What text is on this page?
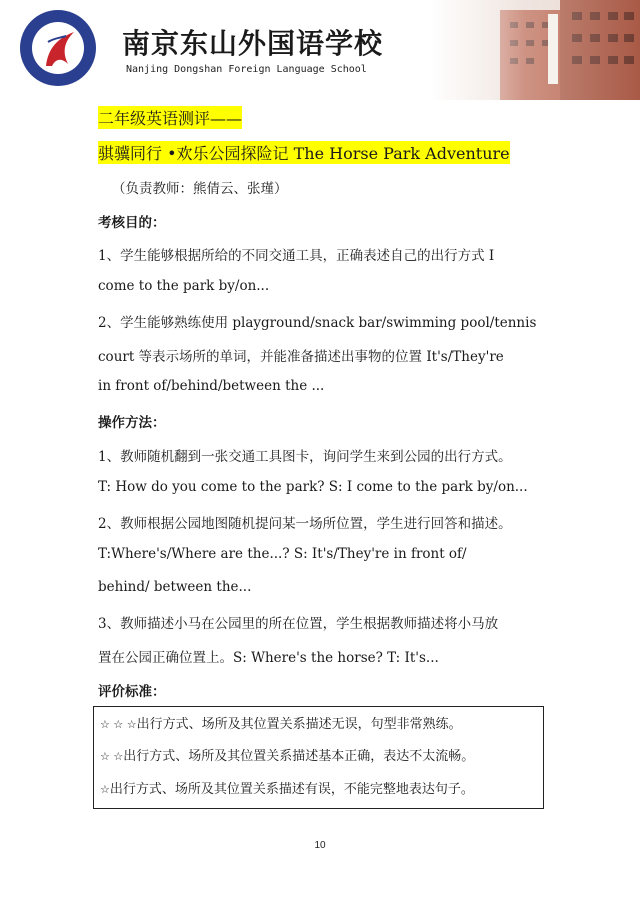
南京东山外国语学校
Nanjing Dongshan Foreign Language School
二年级英语测评——
骐骥同行 •欢乐公园探险记 The Horse Park Adventure
（负责教师：熊倩云、张瑾）
考核目的：
1、学生能够根据所给的不同交通工具，正确表述自己的出行方式 I
come to the park by/on...
2、学生能够熟练使用 playground/snack bar/swimming pool/tennis
court 等表示场所的单词，并能准备描述出事物的位置 It's/They're
in front of/behind/between the ...
操作方法：
1、教师随机翻到一张交通工具图卡，询问学生来到公园的出行方式。
T: How do you come to the park? S: I come to the park by/on...
2、教师根据公园地图随机提问某一场所位置，学生进行回答和描述。
T:Where's/Where are the...? S: It's/They're in front of/
behind/ between the...
3、教师描述小马在公园里的所在位置，学生根据教师描述将小马放
置在公园正确位置上。S: Where's the horse? T: It's...
评价标准：
☆ ☆ ☆出行方式、场所及其位置关系描述无误，句型非常熟练。
☆ ☆出行方式、场所及其位置关系描述基本正确，表达不太流畅。
☆出行方式、场所及其位置关系描述有误，不能完整地表达句子。
10
